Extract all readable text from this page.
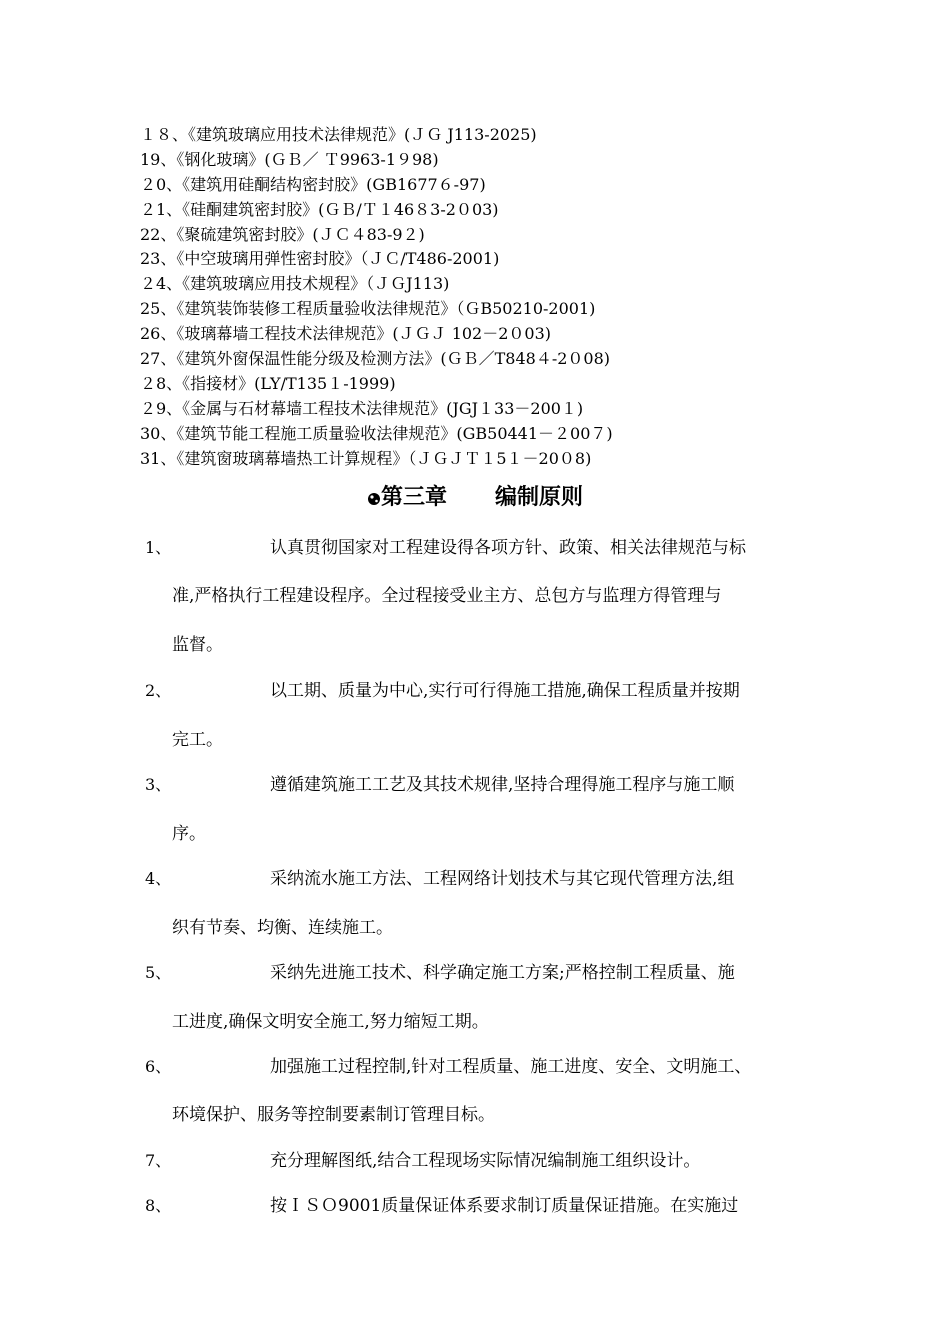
１８、《建筑玻璃应用技术法律规范》(ＪＧ J113-2025)
19、《钢化玻璃》(ＧＢ／ Ｔ9963-1９98)
２0、《建筑用硅酮结构密封胶》(GB1677６-97)
２1、《硅酮建筑密封胶》(ＧＢ/Ｔ１46８3-2０03)
22、《聚硫建筑密封胶》(ＪＣ４83-9２)
23、《中空玻璃用弹性密封胶》（ＪＣ/T486-2001)
２4、《建筑玻璃应用技术规程》（ＪＧJ113)
25、《建筑装饰装修工程质量验收法律规范》（ＧB50210-2001)
26、《玻璃幕墙工程技术法律规范》(ＪＧＪ 102－2０03)
27、《建筑外窗保温性能分级及检测方法》(ＧＢ／T848４-2０08)
２8、《指接材》(LY/T135１-1999)
２9、《金属与石材幕墙工程技术法律规范》(JGJ１33－200１)
30、《建筑节能工程施工质量验收法律规范》(GB50441－２00７)
31、《建筑窗玻璃幕墙热工计算规程》（ＪＧＪＴ１5１－20０8)
第三章 编制原则
1、	认真贯彻国家对工程建设得各项方针、政策、相关法律规范与标
准,严格执行工程建设程序。全过程接受业主方、总包方与监理方得管理与
监督。
2、	以工期、质量为中心,实行可行得施工措施,确保工程质量并按期
完工。
3、	遵循建筑施工工艺及其技术规律,坚持合理得施工程序与施工顺
序。
4、	采纳流水施工方法、工程网络计划技术与其它现代管理方法,组
织有节奏、均衡、连续施工。
5、	采纳先进施工技术、科学确定施工方案;严格控制工程质量、施
工进度,确保文明安全施工,努力缩短工期。
6、	加强施工过程控制,针对工程质量、施工进度、安全、文明施工、
环境保护、服务等控制要素制订管理目标。
7、	充分理解图纸,结合工程现场实际情况编制施工组织设计。
8、	按ＩＳＯ9001质量保证体系要求制订质量保证措施。在实施过
